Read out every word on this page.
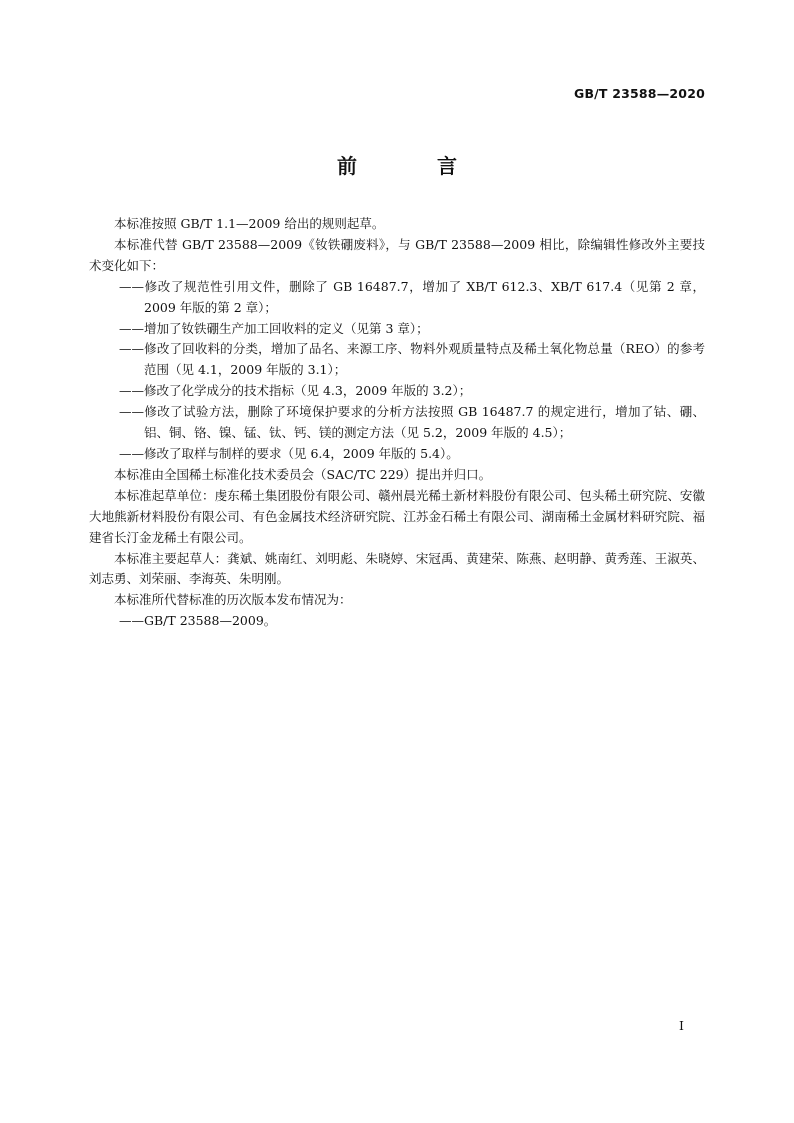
GB/T 23588—2020
前　言

本标准按照 GB/T 1.1—2009 给出的规则起草。

本标准代替 GB/T 23588—2009《钕铁硼废料》，与 GB/T 23588—2009 相比，除编辑性修改外主要技术变化如下：

——修改了规范性引用文件，删除了 GB 16487.7，增加了 XB/T 612.3、XB/T 617.4（见第 2 章，2009 年版的第 2 章）；

——增加了钕铁硼生产加工回收料的定义（见第 3 章）；

——修改了回收料的分类，增加了品名、来源工序、物料外观质量特点及稀土氧化物总量（REO）的参考范围（见 4.1，2009 年版的 3.1）；

——修改了化学成分的技术指标（见 4.3，2009 年版的 3.2）；

——修改了试验方法，删除了环境保护要求的分析方法按照 GB 16487.7 的规定进行，增加了钴、硼、铝、铜、铬、镍、锰、钛、钙、镁的测定方法（见 5.2，2009 年版的 4.5）；

——修改了取样与制样的要求（见 6.4，2009 年版的 5.4）。

本标准由全国稀土标准化技术委员会（SAC/TC 229）提出并归口。

本标准起草单位：虔东稀土集团股份有限公司、赣州晨光稀土新材料股份有限公司、包头稀土研究院、安徽大地熊新材料股份有限公司、有色金属技术经济研究院、江苏金石稀土有限公司、湖南稀土金属材料研究院、福建省长汀金龙稀土有限公司。

本标准主要起草人：龚斌、姚南红、刘明彪、朱晓婷、宋冠禹、黄建荣、陈燕、赵明静、黄秀莲、王淑英、刘志勇、刘荣丽、李海英、朱明刚。

本标准所代替标准的历次版本发布情况为：

——GB/T 23588—2009。

I
